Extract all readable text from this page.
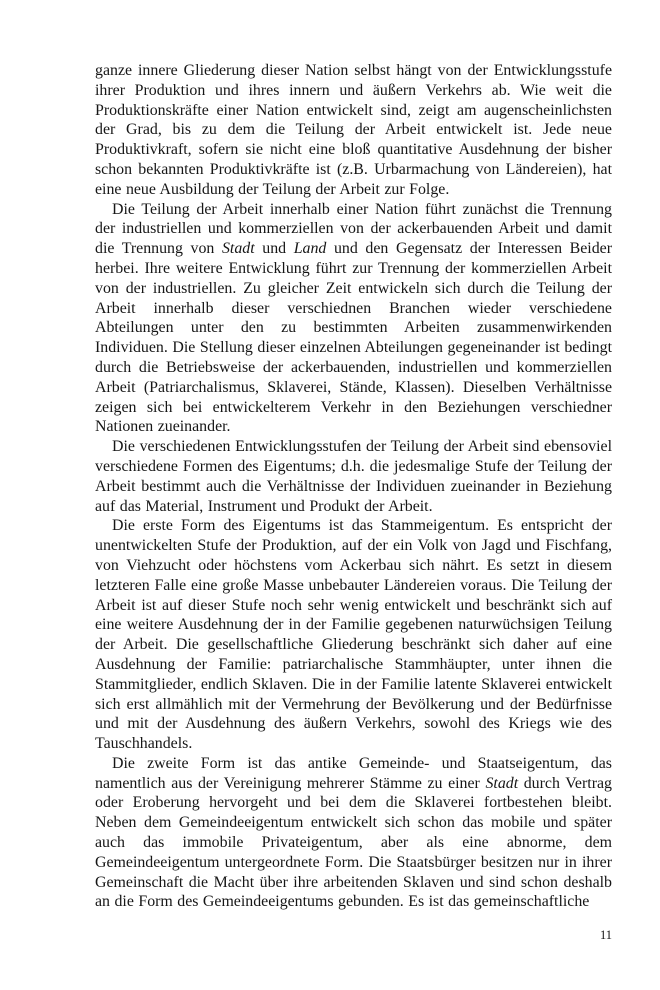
ganze innere Gliederung dieser Nation selbst hängt von der Entwicklungsstufe ihrer Produktion und ihres innern und äußern Verkehrs ab. Wie weit die Produktionskräfte einer Nation entwickelt sind, zeigt am augenscheinlichsten der Grad, bis zu dem die Teilung der Arbeit entwickelt ist. Jede neue Produktivkraft, sofern sie nicht eine bloß quantitative Ausdehnung der bisher schon bekannten Produktivkräfte ist (z.B. Urbarmachung von Ländereien), hat eine neue Ausbildung der Teilung der Arbeit zur Folge.

Die Teilung der Arbeit innerhalb einer Nation führt zunächst die Trennung der industriellen und kommerziellen von der ackerbauenden Arbeit und damit die Trennung von Stadt und Land und den Gegensatz der Interessen Beider herbei. Ihre weitere Entwicklung führt zur Trennung der kommerziellen Arbeit von der industriellen. Zu gleicher Zeit entwickeln sich durch die Teilung der Arbeit innerhalb dieser verschiednen Branchen wieder verschiedene Abteilungen unter den zu bestimmten Arbeiten zusammenwirkenden Individuen. Die Stellung dieser einzelnen Abteilungen gegeneinander ist bedingt durch die Betriebsweise der ackerbauenden, industriellen und kommerziellen Arbeit (Patriarchalismus, Sklaverei, Stände, Klassen). Dieselben Verhältnisse zeigen sich bei entwickelterem Verkehr in den Beziehungen verschiedner Nationen zueinander.

Die verschiedenen Entwicklungsstufen der Teilung der Arbeit sind ebensoviel verschiedene Formen des Eigentums; d.h. die jedesmalige Stufe der Teilung der Arbeit bestimmt auch die Verhältnisse der Individuen zueinander in Beziehung auf das Material, Instrument und Produkt der Arbeit.

Die erste Form des Eigentums ist das Stammeigentum. Es entspricht der unentwickelten Stufe der Produktion, auf der ein Volk von Jagd und Fischfang, von Viehzucht oder höchstens vom Ackerbau sich nährt. Es setzt in diesem letzteren Falle eine große Masse unbebauter Ländereien voraus. Die Teilung der Arbeit ist auf dieser Stufe noch sehr wenig entwickelt und beschränkt sich auf eine weitere Ausdehnung der in der Familie gegebenen naturwüchsigen Teilung der Arbeit. Die gesellschaftliche Gliederung beschränkt sich daher auf eine Ausdehnung der Familie: patriarchalische Stammhäupter, unter ihnen die Stammitglieder, endlich Sklaven. Die in der Familie latente Sklaverei entwickelt sich erst allmählich mit der Vermehrung der Bevölkerung und der Bedürfnisse und mit der Ausdehnung des äußern Verkehrs, sowohl des Kriegs wie des Tauschhandels.

Die zweite Form ist das antike Gemeinde- und Staatseigentum, das namentlich aus der Vereinigung mehrerer Stämme zu einer Stadt durch Vertrag oder Eroberung hervorgeht und bei dem die Sklaverei fortbestehen bleibt. Neben dem Gemeindeeigentum entwickelt sich schon das mobile und später auch das immobile Privateigentum, aber als eine abnorme, dem Gemeindeeigentum untergeordnete Form. Die Staatsbürger besitzen nur in ihrer Gemeinschaft die Macht über ihre arbeitenden Sklaven und sind schon deshalb an die Form des Gemeindeeigentums gebunden. Es ist das gemeinschaftliche

11
